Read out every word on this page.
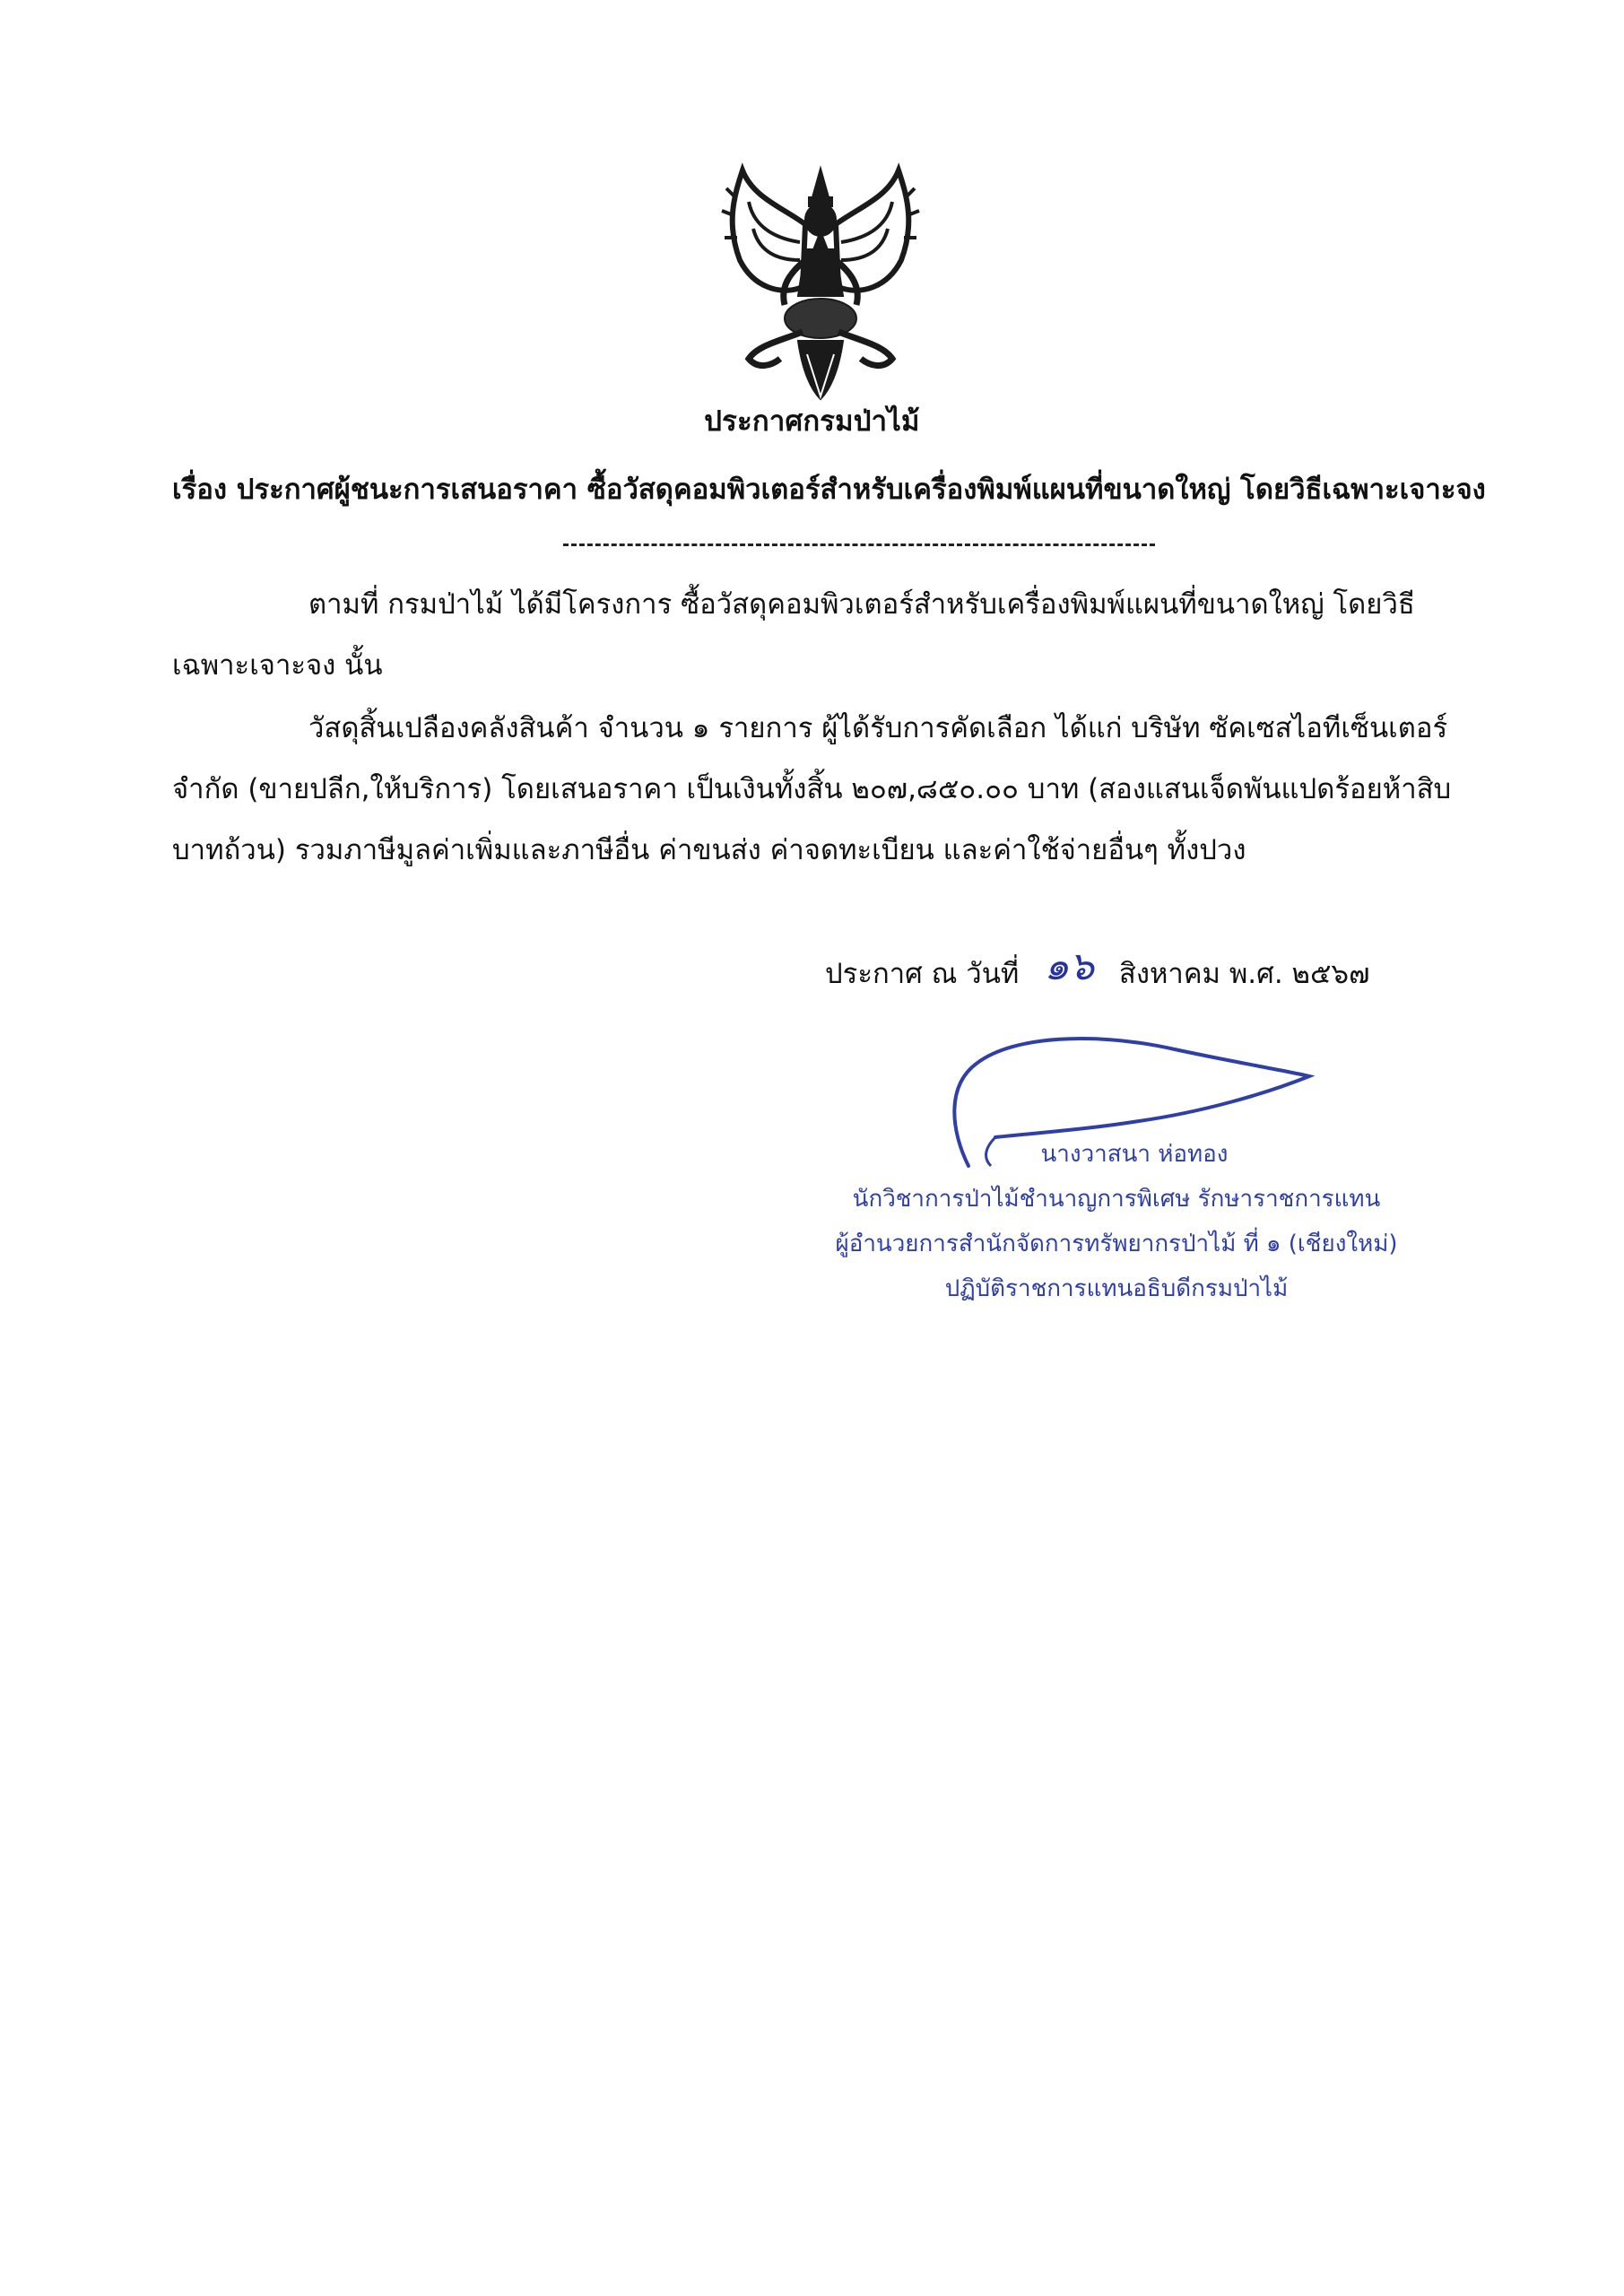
ประกาศกรมป่าไม้
เรื่อง ประกาศผู้ชนะการเสนอราคา ซื้อวัสดุคอมพิวเตอร์สำหรับเครื่องพิมพ์แผนที่ขนาดใหญ่ โดยวิธีเฉพาะเจาะจง
ตามที่ กรมป่าไม้ ได้มีโครงการ ซื้อวัสดุคอมพิวเตอร์สำหรับเครื่องพิมพ์แผนที่ขนาดใหญ่ โดยวิธีเฉพาะเจาะจง นั้น
วัสดุสิ้นเปลืองคลังสินค้า จำนวน ๑ รายการ ผู้ได้รับการคัดเลือก ได้แก่ บริษัท ซัคเซสไอทีเซ็นเตอร์ จำกัด (ขายปลีก,ให้บริการ) โดยเสนอราคา เป็นเงินทั้งสิ้น ๒๐๗,๘๕๐.๐๐ บาท (สองแสนเจ็ดพันแปดร้อยห้าสิบบาทถ้วน) รวมภาษีมูลค่าเพิ่มและภาษีอื่น ค่าขนส่ง ค่าจดทะเบียน และค่าใช้จ่ายอื่นๆ ทั้งปวง
ประกาศ ณ วันที่ ๑๖ สิงหาคม พ.ศ. ๒๕๖๗
นางวาสนา ห่อทอง
นักวิชาการป่าไม้ชำนาญการพิเศษ รักษาราชการแทน
ผู้อำนวยการสำนักจัดการทรัพยากรป่าไม้ ที่ ๑ (เชียงใหม่)
ปฏิบัติราชการแทนอธิบดีกรมป่าไม้
